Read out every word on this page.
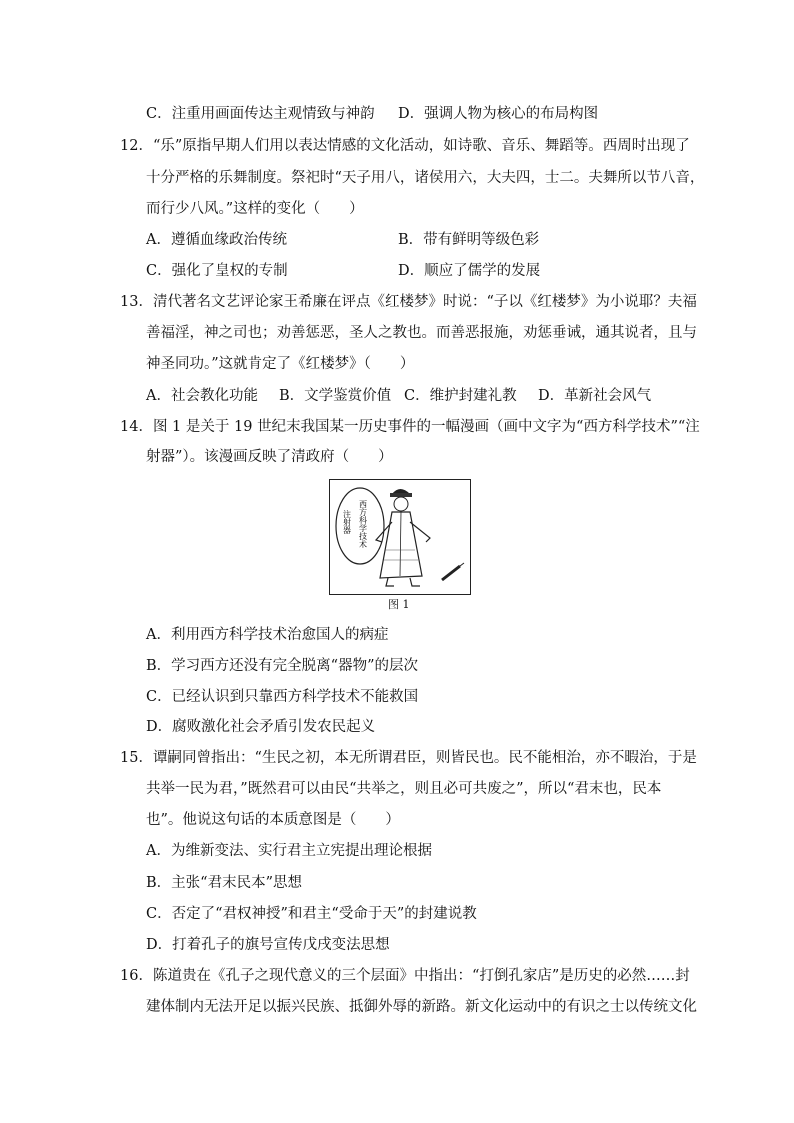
C．注重用画面传达主观情致与神韵 D．强调人物为核心的布局构图
12．“乐”原指早期人们用以表达情感的文化活动，如诗歌、音乐、舞蹈等。西周时出现了
十分严格的乐舞制度。祭祀时“天子用八，诸侯用六，大夫四，士二。夫舞所以节八音，
而行少八风。”这样的变化（　　）
A．遵循血缘政治传统	B．带有鲜明等级色彩
C．强化了皇权的专制	D．顺应了儒学的发展
13．清代著名文艺评论家王希廉在评点《红楼梦》时说：“子以《红楼梦》为小说耶？夫福
善福淫，神之司也；劝善惩恶，圣人之教也。而善恶报施，劝惩垂诫，通其说者，且与
神圣同功。”这就肯定了《红楼梦》（　　）
A．社会教化功能 B．文学鉴赏价值 C．维护封建礼教 D．革新社会风气
14．图 1 是关于 19 世纪末我国某一历史事件的一幅漫画（画中文字为“西方科学技术”“注
射器”）。该漫画反映了清政府（　　）
西方科学技术
注射器
图 1
A．利用西方科学技术治愈国人的病症
B．学习西方还没有完全脱离“器物”的层次
C．已经认识到只靠西方科学技术不能救国
D．腐败激化社会矛盾引发农民起义
15．谭嗣同曾指出：“生民之初，本无所谓君臣，则皆民也。民不能相治，亦不暇治，于是
共举一民为君，”既然君可以由民“共举之，则且必可共废之”，所以“君末也，民本
也”。他说这句话的本质意图是（　　）
A．为维新变法、实行君主立宪提出理论根据
B．主张“君末民本”思想
C．否定了“君权神授”和君主“受命于天”的封建说教
D．打着孔子的旗号宣传戊戌变法思想
16．陈道贵在《孔子之现代意义的三个层面》中指出：“打倒孔家店”是历史的必然……封
建体制内无法开足以振兴民族、抵御外辱的新路。新文化运动中的有识之士以传统文化
